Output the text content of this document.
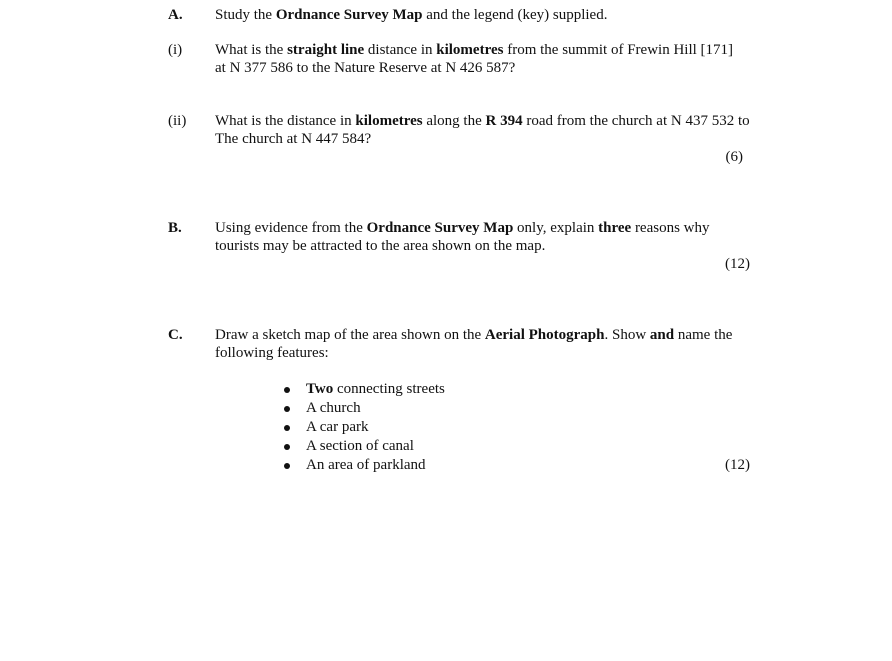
A. Study the Ordnance Survey Map and the legend (key) supplied.
(i) What is the straight line distance in kilometres from the summit of Frewin Hill [171]
at N 377 586 to the Nature Reserve at N 426 587?
(ii) What is the distance in kilometres along the R 394 road from the church at N 437 532 to
The church at N 447 584?
(6)
B. Using evidence from the Ordnance Survey Map only, explain three reasons why
tourists may be attracted to the area shown on the map.
(12)
C. Draw a sketch map of the area shown on the Aerial Photograph. Show and name the
following features:
Two connecting streets
A church
A car park
A section of canal
An area of parkland	(12)
